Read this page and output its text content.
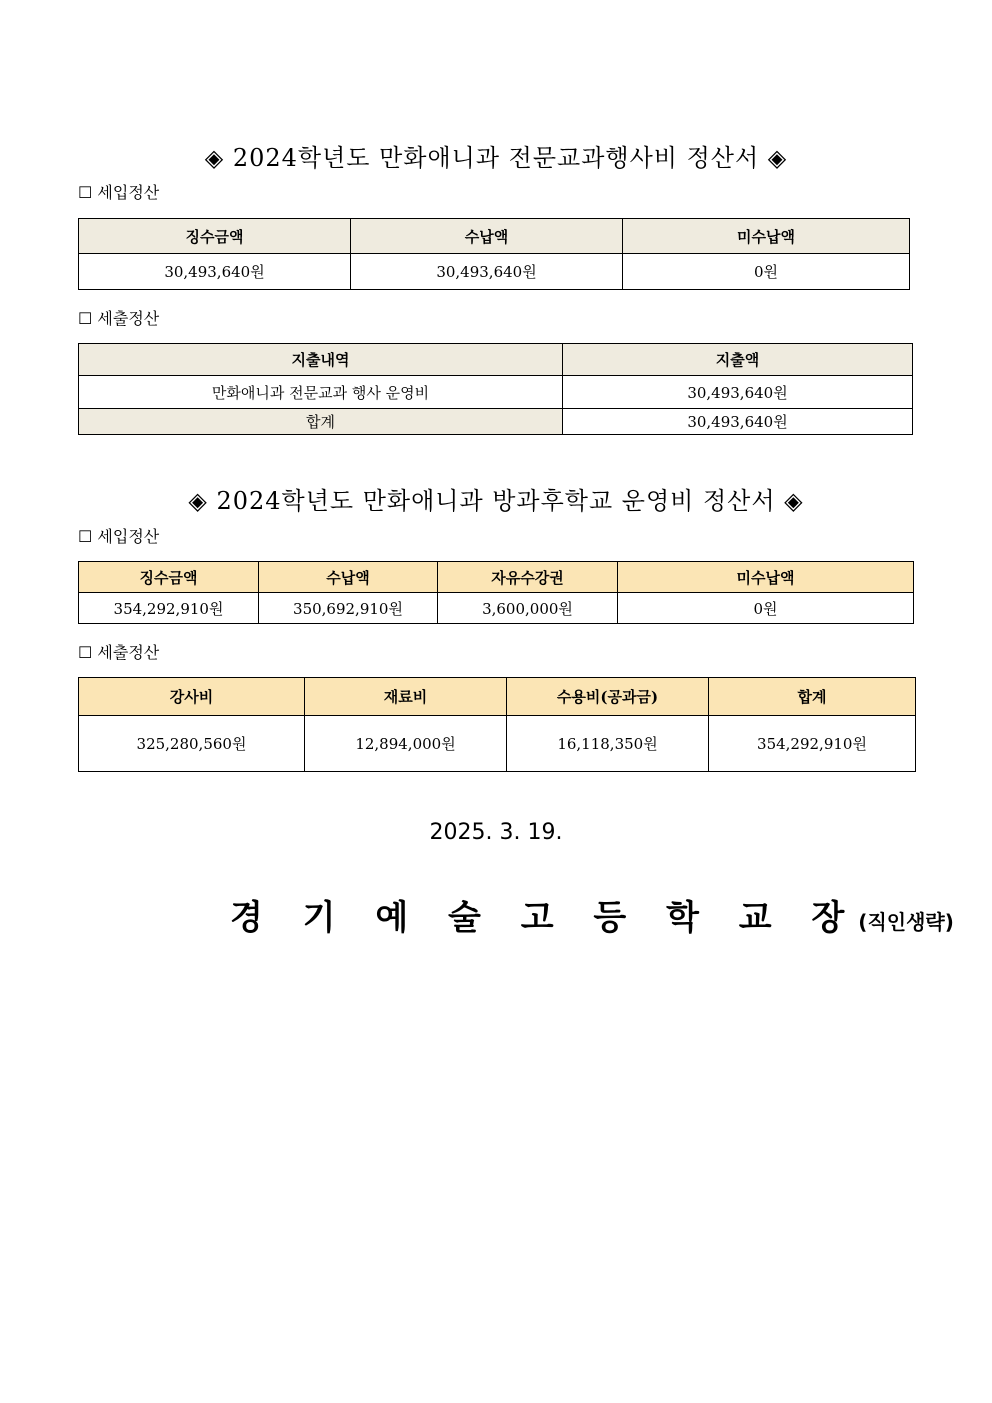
◈ 2024학년도 만화애니과 전문교과행사비 정산서 ◈
☐ 세입정산
징수금액	수납액	미수납액
30,493,640원	30,493,640원	0원
☐ 세출정산
지출내역	지출액
만화애니과 전문교과 행사 운영비	30,493,640원
합계	30,493,640원
◈ 2024학년도 만화애니과 방과후학교 운영비 정산서 ◈
☐ 세입정산
징수금액	수납액	자유수강권	미수납액
354,292,910원	350,692,910원	3,600,000원	0원
☐ 세출정산
강사비	재료비	수용비(공과금)	합계
325,280,560원	12,894,000원	16,118,350원	354,292,910원
2025. 3. 19.
경 기 예 술 고 등 학 교 장(직인생략)
